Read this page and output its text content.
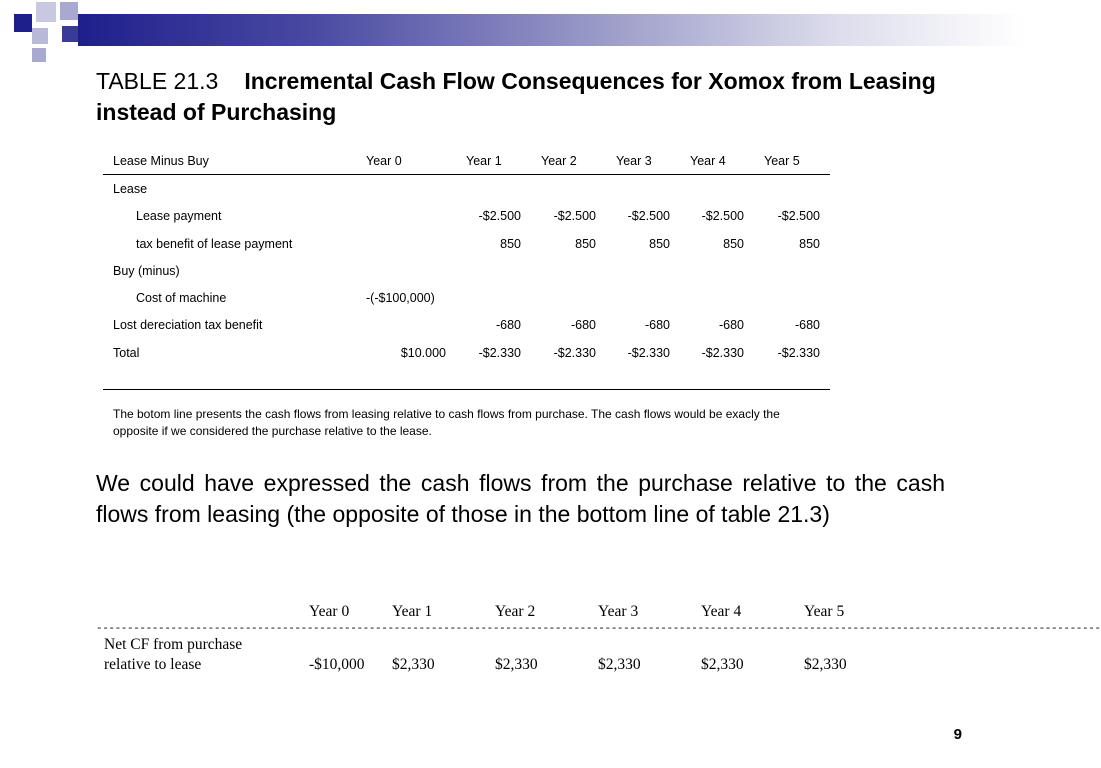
TABLE 21.3 Incremental Cash Flow Consequences for Xomox from Leasing instead of Purchasing
Lease Minus Buy	Year 0	Year 1	Year 2	Year 3	Year 4	Year 5
Lease						
Lease payment		-$2.500	-$2.500	-$2.500	-$2.500	-$2.500
tax benefit of lease payment		850	850	850	850	850
Buy (minus)						
Cost of machine	-(-$100,000)					
Lost dereciation tax benefit		-680	-680	-680	-680	-680
Total	$10.000	-$2.330	-$2.330	-$2.330	-$2.330	-$2.330
The botom line presents the cash flows from leasing relative to cash flows from purchase. The cash flows would be exacly the opposite if we considered the purchase relative to the lease.
We could have expressed the cash flows from the purchase relative to the cash flows from leasing (the opposite of those in the bottom line of table 21.3)
	Year 0	Year 1	Year 2	Year 3	Year 4	Year 5

Net CF from purchase
relative to lease	-$10,000	$2,330	$2,330	$2,330	$2,330	$2,330
------------------------------------------------------------------------------------------------------------------------------------------------------------------
9
